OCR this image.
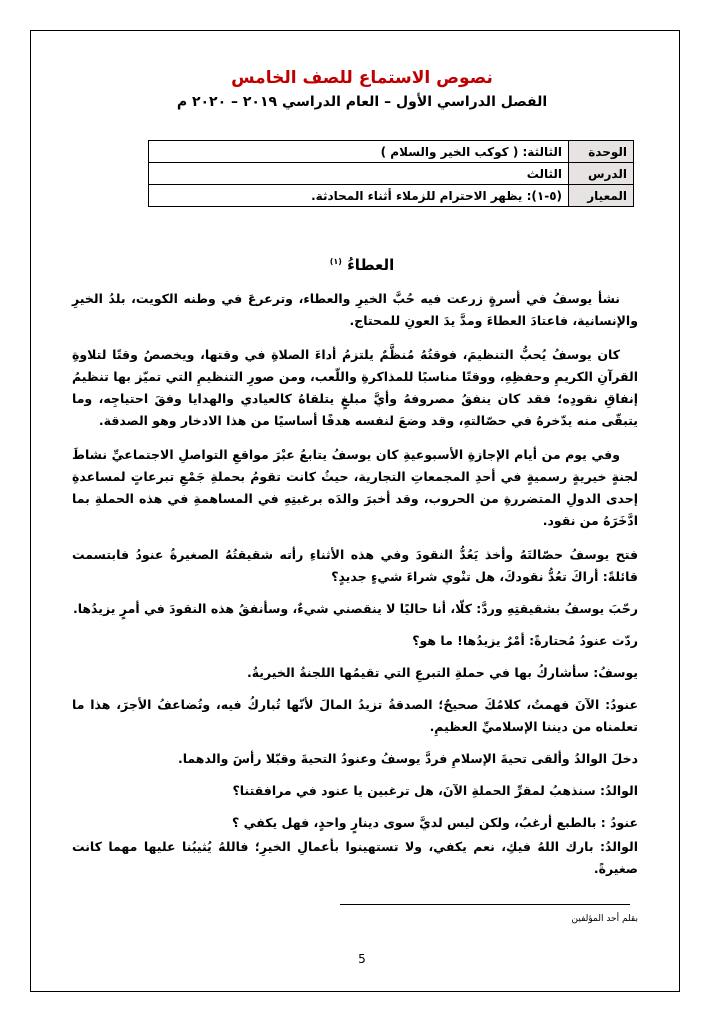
نصوص الاستماع للصف الخامس
الفصل الدراسي الأول – العام الدراسي ٢٠١٩ – ٢٠٢٠ م
الوحدة	الثالثة: ( كوكب الخير والسلام )
الدرس	الثالث
المعيار	(٥-١): يظهر الاحترام للزملاء أثناء المحادثة.
العطاءُ $^{(١)}$

نشأ يوسفُ في أسرةٍ زرعت فيه حُبَّ الخيرِ والعطاء، وترعرعَ في وطنه الكويت، بلدُ الخيرِ والإنسانية، فاعتادَ العطاءَ ومدَّ يدَ العونِ للمحتاج.

كان يوسفُ يُحبُّ التنظيمَ، فوقتُهُ مُنظَّمٌ يلتزمُ أداءَ الصلاةِ في وقتها، ويخصصُ وقتًا لتلاوةِ القرآنِ الكريمِ وحفظِهِ، ووقتًا مناسبًا للمذاكرةِ واللّعب، ومن صورِ التنظيمِ التي تميّز بها تنظيمُ إنفاقِ نقودِه؛ فقد كان ينفقُ مصروفهُ وأيَّ مبلغٍ يتلقاهُ كالعيادي والهدايا وفقَ احتياجِه، وما يتبقّى منه يدّخرهُ في حصّالتهِ، وقد وضعَ لنفسه هدفًا أساسيًا من هذا الادخار وهو الصدقة.

وفي يوم من أيام الإجازةِ الأسبوعيةِ كان يوسفُ يتابعُ عبْرَ مواقعِ التواصلِ الاجتماعيِّ نشاطَ لجنةٍ خيريةٍ رسميةٍ في أحدِ المجمعاتِ التجارية، حيثُ كانت تقومُ بحملةِ جَمْعِ تبرعاتٍ لمساعدةِ إحدى الدولِ المتضررةِ من الحروب، وقد أخبرَ والدَه برغبتِهِ في المساهمةِ في هذه الحملةِ بما ادَّخَرَهُ من نقود.

فتح يوسفُ حصّالتَهُ وأخذ يَعُدُّ النقودَ وفي هذه الأثناءِ رأته شقيقتُهُ الصغيرةُ عنودُ فابتسمت قائلةً: أراكَ تعُدُّ نقودكَ، هل تنْوي شراءَ شيءٍ جديدٍ؟

رحّبَ يوسفُ بشقيقتِهِ وردَّ: كلّا، أنا حاليًا لا ينقصني شيءٌ، وسأنفقُ هذه النقودَ في أمرٍ يزيدُها.

ردّت عنودُ مُحتارةً: أمْرٌ يزيدُها! ما هو؟

يوسفُ: سأشاركُ بها في حملةِ التبرعِ التي تقيمُها اللجنةُ الخيريةُ.

عنودُ: الآنَ فهمتُ، كلامُكَ صحيحٌ؛ الصدقةُ تزيدُ المالَ لأنّها تُباركُ فيه، وتُضاعفُ الأجرَ، هذا ما تعلمناه من ديننا الإسلاميِّ العظيمِ.

دخلَ الوالدُ وألقى تحيةَ الإسلامِ فردَّ يوسفُ وعنودُ التحيةَ وقبّلا رأسَ والدهما.

الوالدُ: سنذهبُ لمقرِّ الحملةِ الآنَ، هل ترغبين يا عنود في مرافقتنا؟

عنودُ : بالطبع أرغبُ، ولكن ليس لديَّ سوى دينارٍ واحدٍ، فهل يكفي ؟

الوالدُ: بارك اللهُ فيكِ، نعم يكفي، ولا تستهينوا بأعمالِ الخيرِ؛ فاللهُ يُثيبُنا عليها مهما كانت صغيرةً.

بقلم أحد المؤلفين
5
